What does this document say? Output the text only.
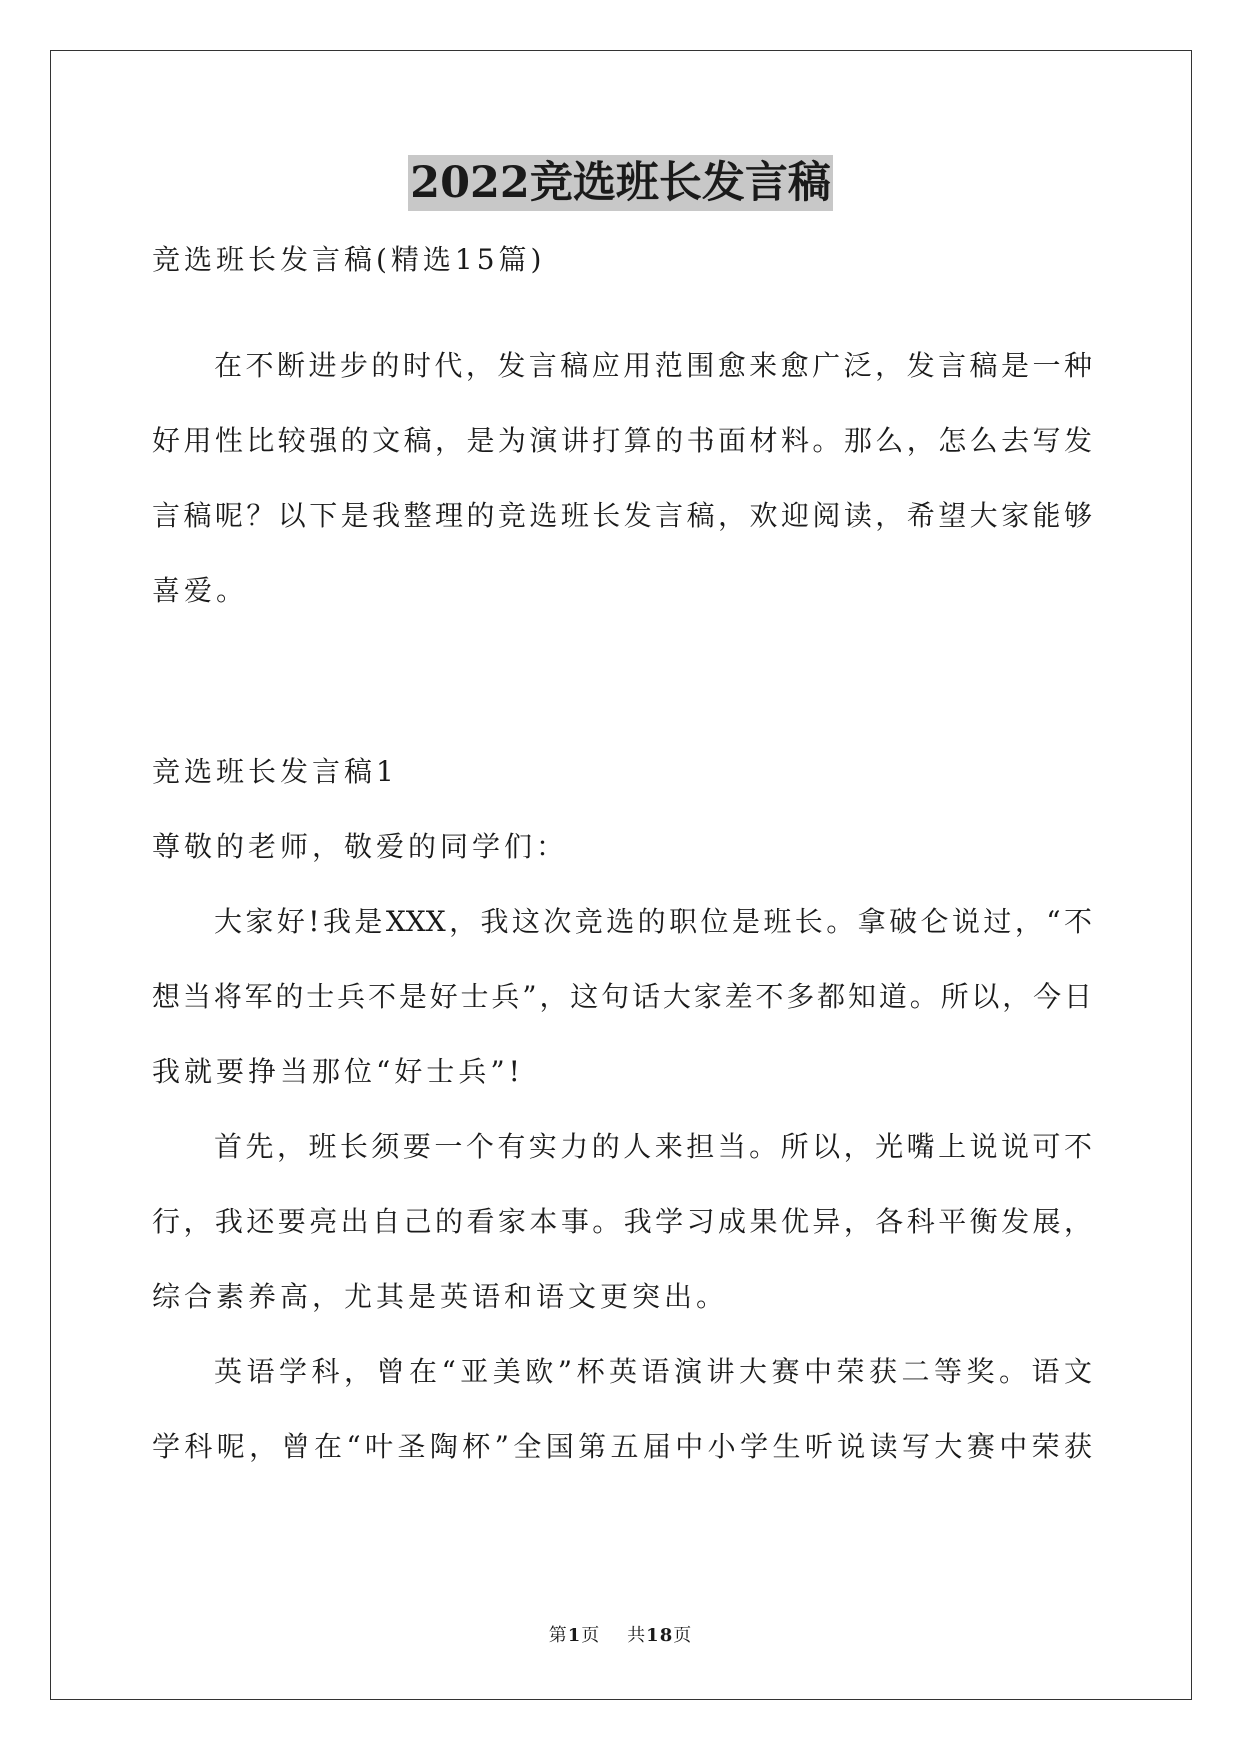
2022竞选班长发言稿
竞选班长发言稿(精选15篇)
在不断进步的时代，发言稿应用范围愈来愈广泛，发言稿是一种
好用性比较强的文稿，是为演讲打算的书面材料。那么，怎么去写发
言稿呢？以下是我整理的竞选班长发言稿，欢迎阅读，希望大家能够
喜爱。
竞选班长发言稿1
尊敬的老师，敬爱的同学们：
大家好!我是XXX，我这次竞选的职位是班长。拿破仑说过，“不
想当将军的士兵不是好士兵”，这句话大家差不多都知道。所以，今日
我就要挣当那位“好士兵”!
首先，班长须要一个有实力的人来担当。所以，光嘴上说说可不
行，我还要亮出自己的看家本事。我学习成果优异，各科平衡发展，
综合素养高，尤其是英语和语文更突出。
英语学科，曾在“亚美欧”杯英语演讲大赛中荣获二等奖。语文
学科呢，曾在“叶圣陶杯”全国第五届中小学生听说读写大赛中荣获
第1页 共18页
